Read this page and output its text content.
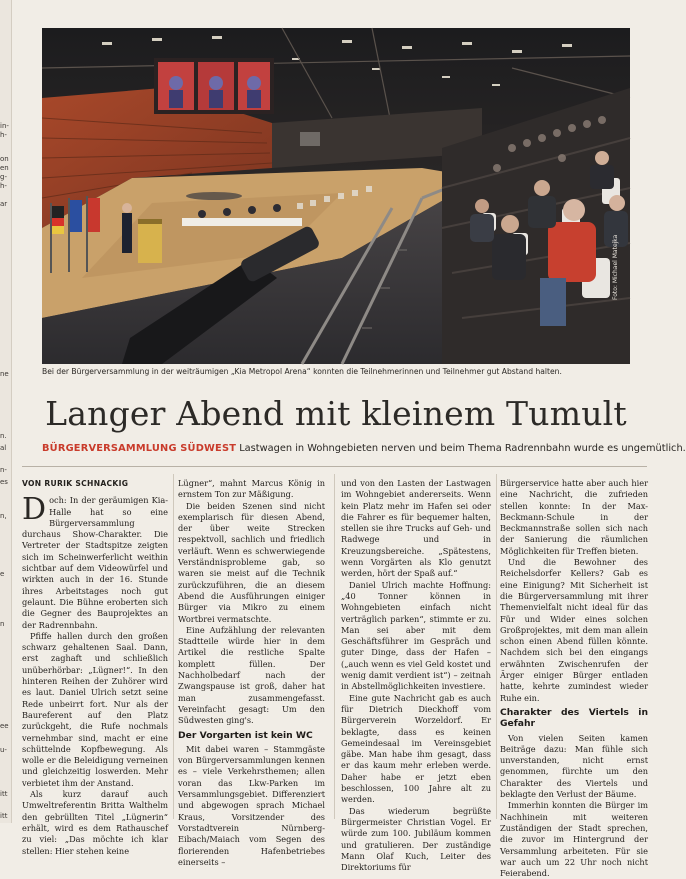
in-
h-
on
en
g-
h-
ar
ne
n.
al
n-
es
n,
e
n
ee
u-
itt
itt
Foto: Michael Matejka
Bei der Bürgerversammlung in der weiträumigen „Kia Metropol Arena“ konnten die Teilnehmerinnen und Teilnehmer gut Abstand halten.
Langer Abend mit kleinem Tumult
BÜRGERVERSAMMLUNG SÜDWEST Lastwagen in Wohngebieten nerven und beim Thema Radrennbahn wurde es ungemütlich.
VON RURIK SCHNACKIG

Doch: In der geräumigen Kia-Halle hat so eine Bürgerversammlung durchaus Show-Charakter. Die Vertreter der Stadtspitze zeigten sich im Scheinwerferlicht weithin sichtbar auf dem Videowürfel und wirkten auch in der 16. Stunde ihres Arbeitstages noch gut gelaunt. Die Bühne eroberten sich die Gegner des Bauprojektes an der Radrennbahn.

Pfiffe hallen durch den großen schwarz gehaltenen Saal. Dann, erst zaghaft und schließlich unüberhörbar: „Lügner!“. In den hinteren Reihen der Zuhörer wird es laut. Daniel Ulrich setzt seine Rede unbeirrt fort. Nur als der Baureferent auf den Platz zurückgeht, die Rufe nochmals vernehmbar sind, macht er eine schüttelnde Kopfbewegung. Als wolle er die Beleidigung verneinen und gleichzeitig loswerden. Mehr verbietet ihm der Anstand.

Als kurz darauf auch Umweltreferentin Britta Walthelm den gebrüllten Titel „Lügnerin“ erhält, wird es dem Rathauschef zu viel: „Das möchte ich klar stellen: Hier stehen keine

Lügner“, mahnt Marcus König in ernstem Ton zur Mäßigung.

Die beiden Szenen sind nicht exemplarisch für diesen Abend, der über weite Strecken respektvoll, sachlich und friedlich verläuft. Wenn es schwerwiegende Verständnisprobleme gab, so waren sie meist auf die Technik zurückzuführen, die an diesem Abend die Ausführungen einiger Bürger via Mikro zu einem Wortbrei vermatschte.

Eine Aufzählung der relevanten Stadtteile würde hier in dem Artikel die restliche Spalte komplett füllen. Der Nachholbedarf nach der Zwangspause ist groß, daher hat man zusammengefasst. Vereinfacht gesagt: Um den Südwesten ging's.

Der Vorgarten ist kein WC

Mit dabei waren – Stammgäste von Bürgerversammlungen kennen es – viele Verkehrsthemen; allen voran das Lkw-Parken im Versammlungsgebiet. Differenziert und abgewogen sprach Michael Kraus, Vorsitzender des Vorstadtverein Nürnberg-Eibach/Maiach vom Segen des florierenden Hafenbetriebes einerseits –

und von den Lasten der Lastwagen im Wohngebiet andererseits. Wenn kein Platz mehr im Hafen sei oder die Fahrer es für bequemer halten, stellen sie ihre Trucks auf Geh- und Radwege und in Kreuzungsbereiche. „Spätestens, wenn Vorgärten als Klo genutzt werden, hört der Spaß auf.“

Daniel Ulrich machte Hoffnung: „40 Tonner können in Wohngebieten einfach nicht verträglich parken“, stimmte er zu. Man sei aber mit dem Geschäftsführer im Gespräch und guter Dinge, dass der Hafen – („auch wenn es viel Geld kostet und wenig damit verdient ist“) – zeitnah in Abstellmöglichkeiten investiere.

Eine gute Nachricht gab es auch für Dietrich Dieckhoff vom Bürgerverein Worzeldorf. Er beklagte, dass es keinen Gemeindesaal im Vereinsgebiet gäbe. Man habe ihm gesagt, dass er das kaum mehr erleben werde. Daher habe er jetzt eben beschlossen, 100 Jahre alt zu werden.

Das wiederum begrüßte Bürgermeister Christian Vogel. Er würde zum 100. Jubiläum kommen und gratulieren. Der zuständige Mann Olaf Kuch, Leiter des Direktoriums für

Bürgerservice hatte aber auch hier eine Nachricht, die zufrieden stellen konnte: In der Max-Beckmann-Schule in der Beckmannstraße sollen sich nach der Sanierung die räumlichen Möglichkeiten für Treffen bieten.

Und die Bewohner des Reichelsdorfer Kellers? Gab es eine Einigung? Mit Sicherheit ist die Bürgerversammlung mit ihrer Themenvielfalt nicht ideal für das Für und Wider eines solchen Großprojektes, mit dem man allein schon einen Abend füllen könnte. Nachdem sich bei den eingangs erwähnten Zwischenrufen der Ärger einiger Bürger entladen hatte, kehrte zumindest wieder Ruhe ein.

Charakter des Viertels in Gefahr

Von vielen Seiten kamen Beiträge dazu: Man fühle sich unverstanden, nicht ernst genommen, fürchte um den Charakter des Viertels und beklagte den Verlust der Bäume.

Immerhin konnten die Bürger im Nachhinein mit weiteren Zuständigen der Stadt sprechen, die zuvor im Hintergrund der Versammlung arbeiteten. Für sie war auch um 22 Uhr noch nicht Feierabend.
